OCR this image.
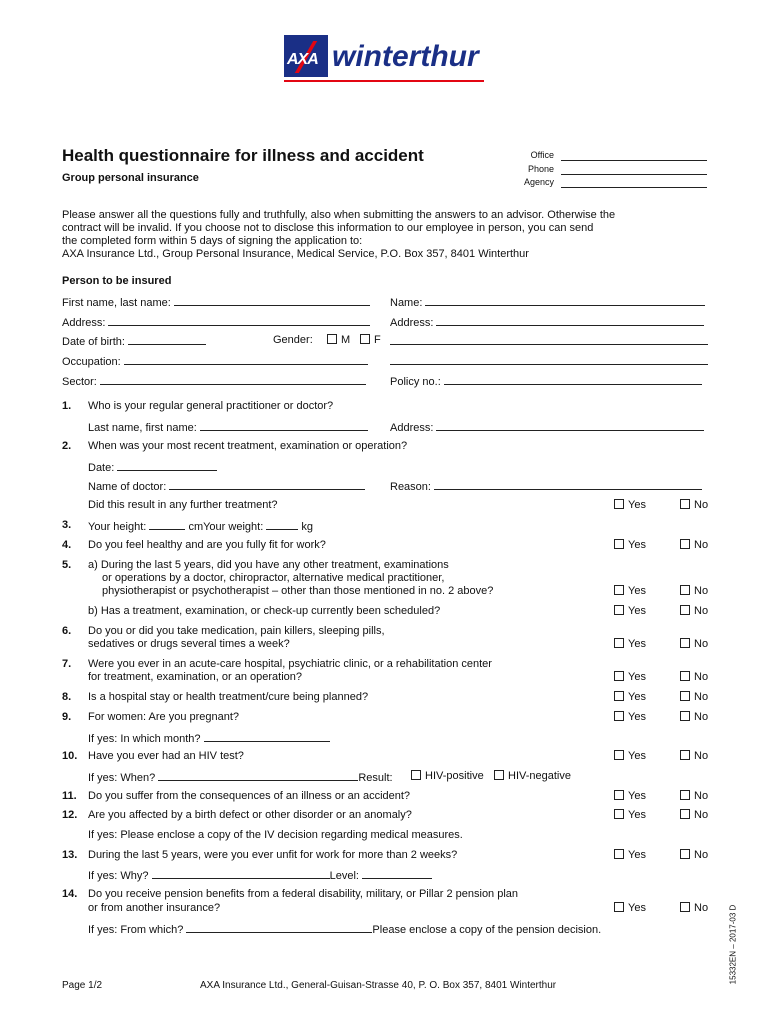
AXA winterthur
Health questionnaire for illness and accident
Group personal insurance
Office
Phone
Agency
Please answer all the questions fully and truthfully, also when submitting the answers to an advisor. Otherwise the
contract will be invalid. If you choose not to disclose this information to our employee in person, you can send
the completed form within 5 days of signing the application to:
AXA Insurance Ltd., Group Personal Insurance, Medical Service, P.O. Box 357, 8401 Winterthur
Person to be insured
First name, last name:	Name:
Address:	Address:
Date of birth:	Gender:	M	F
Occupation:
Sector:	Policy no.:
1. Who is your regular general practitioner or doctor?
Last name, first name:	Address:
2. When was your most recent treatment, examination or operation?
Date:
Name of doctor:	Reason:
Did this result in any further treatment?	Yes	No
3. Your height:	cmYour weight:	kg
4. Do you feel healthy and are you fully fit for work?	Yes	No
5. a) During the last 5 years, did you have any other treatment, examinations
or operations by a doctor, chiropractor, alternative medical practitioner,
physiotherapist or psychotherapist – other than those mentioned in no. 2 above?	Yes	No
b) Has a treatment, examination, or check-up currently been scheduled?	Yes	No
6. Do you or did you take medication, pain killers, sleeping pills,
sedatives or drugs several times a week?	Yes	No
7. Were you ever in an acute-care hospital, psychiatric clinic, or a rehabilitation center
for treatment, examination, or an operation?	Yes	No
8. Is a hospital stay or health treatment/cure being planned?	Yes	No
9. For women: Are you pregnant?	Yes	No
If yes: In which month?
10. Have you ever had an HIV test?	Yes	No
If yes: When?	Result:	HIV-positive	HIV-negative
11. Do you suffer from the consequences of an illness or an accident?	Yes	No
12. Are you affected by a birth defect or other disorder or an anomaly?	Yes	No
If yes: Please enclose a copy of the IV decision regarding medical measures.
13. During the last 5 years, were you ever unfit for work for more than 2 weeks?	Yes	No
If yes: Why?	Level:
14. Do you receive pension benefits from a federal disability, military, or Pillar 2 pension plan
or from another insurance?	Yes	No
If yes: From which?	Please enclose a copy of the pension decision.
Page 1/2	AXA Insurance Ltd., General-Guisan-Strasse 40, P. O. Box 357, 8401 Winterthur
15332EN – 2017-03 D
